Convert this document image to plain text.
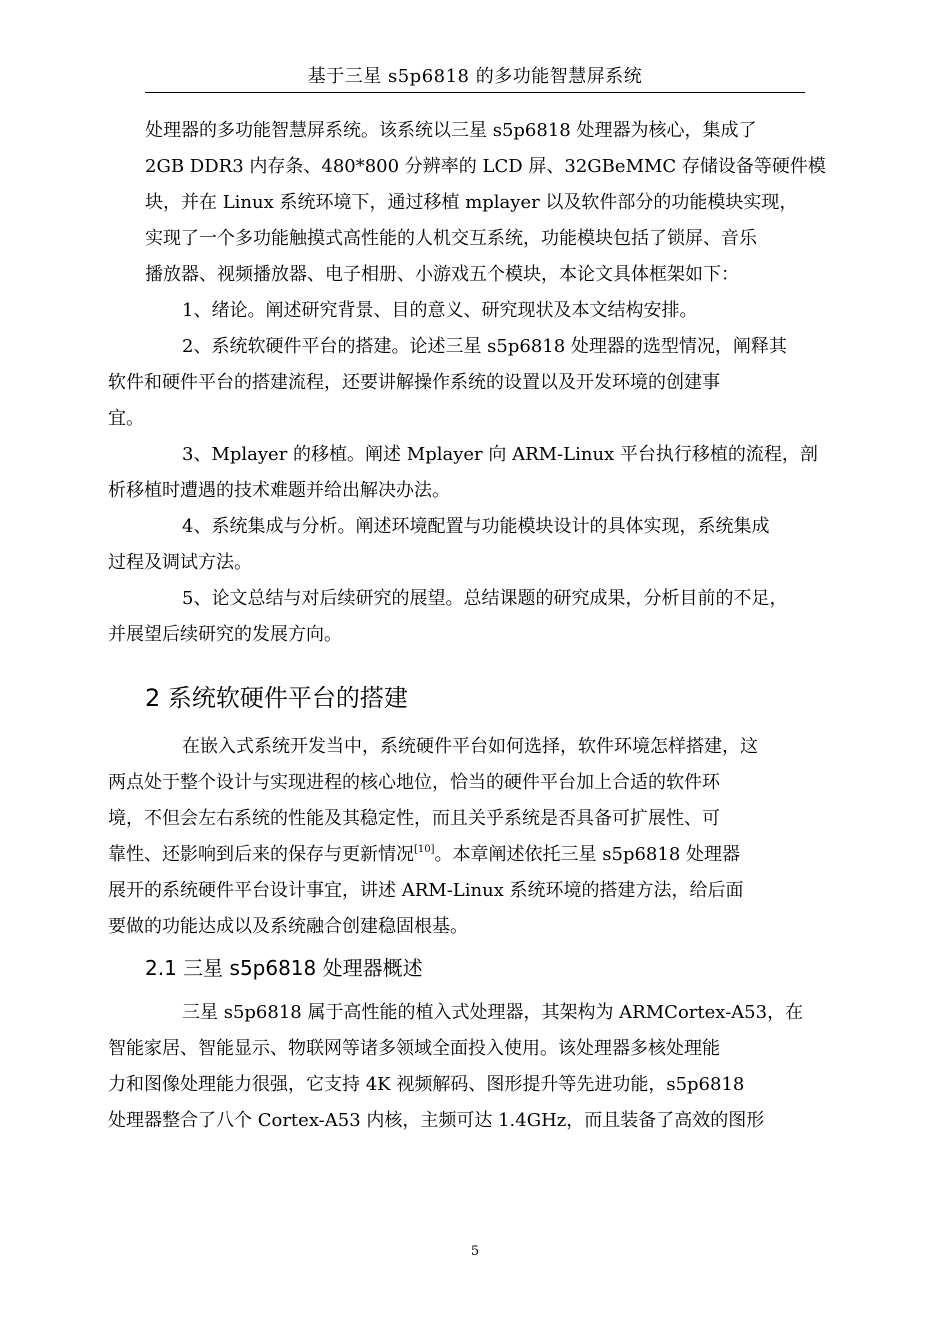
基于三星 s5p6818 的多功能智慧屏系统

处理器的多功能智慧屏系统。该系统以三星 s5p6818 处理器为核心，集成了
2GB DDR3 内存条、480*800 分辨率的 LCD 屏、32GBeMMC 存储设备等硬件模
块，并在 Linux 系统环境下，通过移植 mplayer 以及软件部分的功能模块实现，
实现了一个多功能触摸式高性能的人机交互系统，功能模块包括了锁屏、音乐
播放器、视频播放器、电子相册、小游戏五个模块，本论文具体框架如下：

1、绪论。阐述研究背景、目的意义、研究现状及本文结构安排。

2、系统软硬件平台的搭建。论述三星 s5p6818 处理器的选型情况，阐释其
软件和硬件平台的搭建流程，还要讲解操作系统的设置以及开发环境的创建事
宜。

3、Mplayer 的移植。阐述 Mplayer 向 ARM-Linux 平台执行移植的流程，剖
析移植时遭遇的技术难题并给出解决办法。

4、系统集成与分析。阐述环境配置与功能模块设计的具体实现，系统集成
过程及调试方法。

5、论文总结与对后续研究的展望。总结课题的研究成果，分析目前的不足，
并展望后续研究的发展方向。

2 系统软硬件平台的搭建

在嵌入式系统开发当中，系统硬件平台如何选择，软件环境怎样搭建，这
两点处于整个设计与实现进程的核心地位，恰当的硬件平台加上合适的软件环
境，不但会左右系统的性能及其稳定性，而且关乎系统是否具备可扩展性、可
靠性、还影响到后来的保存与更新情况[10]。本章阐述依托三星 s5p6818 处理器
展开的系统硬件平台设计事宜，讲述 ARM-Linux 系统环境的搭建方法，给后面
要做的功能达成以及系统融合创建稳固根基。

2.1 三星 s5p6818 处理器概述

三星 s5p6818 属于高性能的植入式处理器，其架构为 ARMCortex-A53，在
智能家居、智能显示、物联网等诸多领域全面投入使用。该处理器多核处理能
力和图像处理能力很强，它支持 4K 视频解码、图形提升等先进功能，s5p6818
处理器整合了八个 Cortex-A53 内核，主频可达 1.4GHz，而且装备了高效的图形

5
